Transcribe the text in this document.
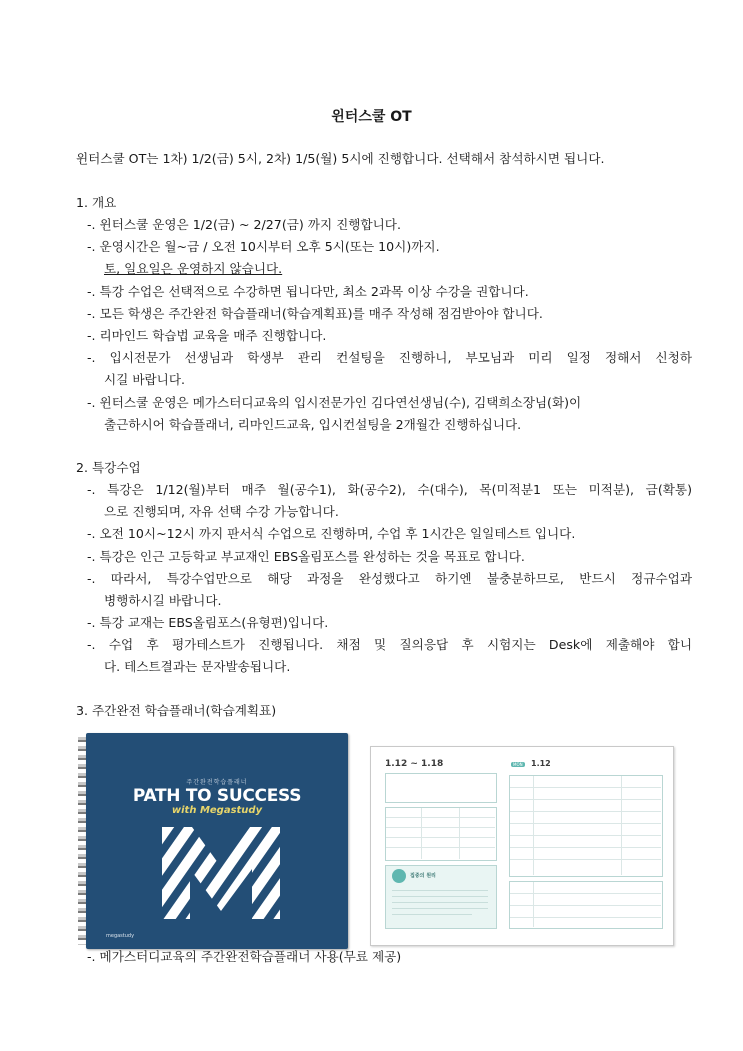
윈터스쿨 OT
윈터스쿨 OT는 1차) 1/2(금) 5시, 2차) 1/5(월) 5시에 진행합니다. 선택해서 참석하시면 됩니다.
1. 개요
-. 윈터스쿨 운영은 1/2(금) ~ 2/27(금) 까지 진행합니다.
-. 운영시간은 월~금 / 오전 10시부터 오후 5시(또는 10시)까지.
토, 일요일은 운영하지 않습니다.
-. 특강 수업은 선택적으로 수강하면 됩니다만, 최소 2과목 이상 수강을 권합니다.
-. 모든 학생은 주간완전 학습플래너(학습계획표)를 매주 작성해 점검받아야 합니다.
-. 리마인드 학습법 교육을 매주 진행합니다.
-. 입시전문가 선생님과 학생부 관리 컨설팅을 진행하니, 부모님과 미리 일정 정해서 신청하
시길 바랍니다.
-. 윈터스쿨 운영은 메가스터디교육의 입시전문가인 김다연선생님(수), 김택희소장님(화)이
출근하시어 학습플래너, 리마인드교육, 입시컨설팅을 2개월간 진행하십니다.
2. 특강수업
-. 특강은 1/12(월)부터 매주 월(공수1), 화(공수2), 수(대수), 목(미적분1 또는 미적분), 금(확통)
으로 진행되며, 자유 선택 수강 가능합니다.
-. 오전 10시~12시 까지 판서식 수업으로 진행하며, 수업 후 1시간은 일일테스트 입니다.
-. 특강은 인근 고등학교 부교재인 EBS올림포스를 완성하는 것을 목표로 합니다.
-. 따라서, 특강수업만으로 해당 과정을 완성했다고 하기엔 불충분하므로, 반드시 정규수업과
병행하시길 바랍니다.
-. 특강 교재는 EBS올림포스(유형편)입니다.
-. 수업 후 평가테스트가 진행됩니다. 채점 및 질의응답 후 시험지는 Desk에 제출해야 합니
다. 테스트결과는 문자발송됩니다.
3. 주간완전 학습플래너(학습계획표)
주간완전학습플래너
PATH TO SUCCESS
with Megastudy
megastudy
1.12 ~ 1.18
집중의 원리
MON 1.12
-. 메가스터디교육의 주간완전학습플래너 사용(무료 제공)
